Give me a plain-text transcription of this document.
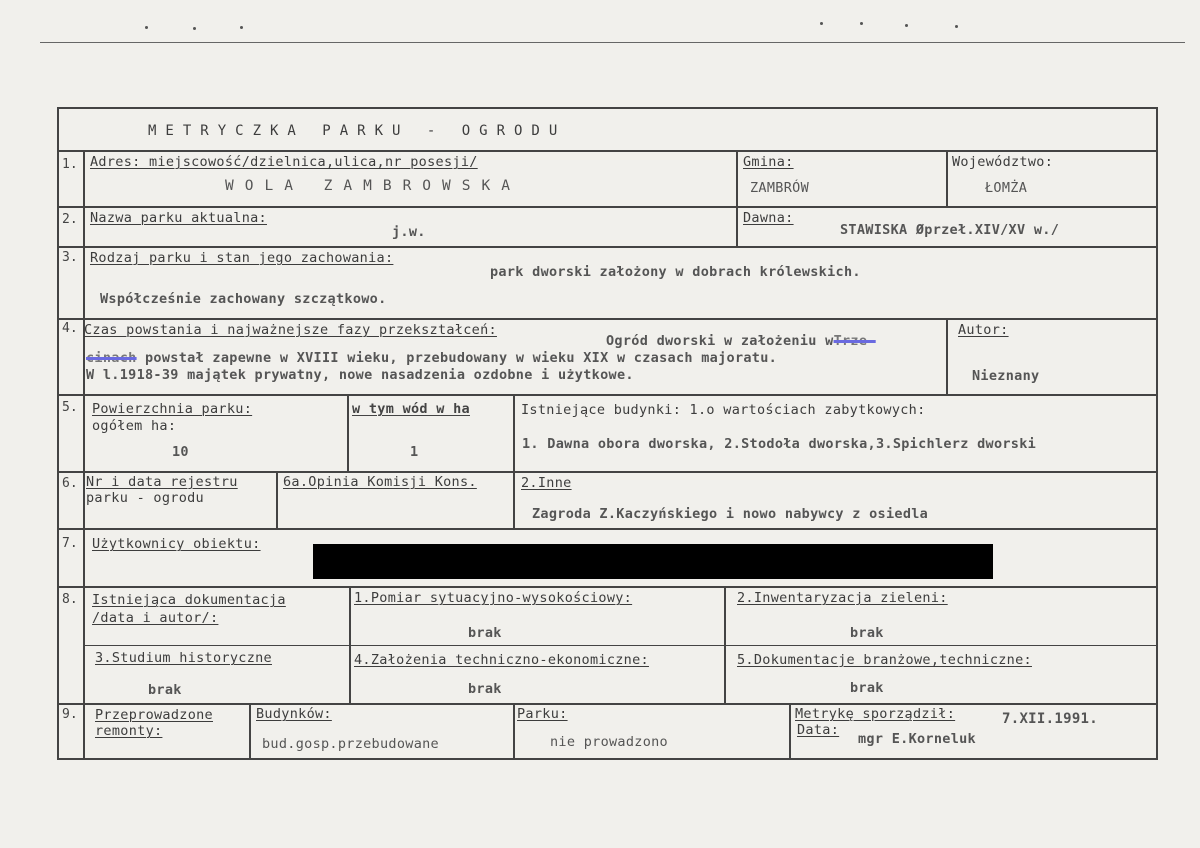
METRYCZKA PARKU - OGRODU
1. Adres: miejscowość/dzielnica,ulica,nr posesji/
WOLA ZAMBROWSKA
Gmina:
ZAMBRÓW
Województwo:
ŁOMŻA
2. Nazwa parku aktualna:
j.w.
Dawna:
STAWISKA Øprzeł.XIV/XV w./
3. Rodzaj parku i stan jego zachowania:
park dworski założony w dobrach królewskich.
Współcześnie zachowany szczątkowo.
4. Czas powstania i najważnejsze fazy przekształceń:
Ogród dworski w założeniu wTrze-
cinach powstał zapewne w XVIII wieku, przebudowany w wieku XIX w czasach majoratu.
W l.1918-39 majątek prywatny, nowe nasadzenia ozdobne i użytkowe.
Autor:
Nieznany
5. Powierzchnia parku:
ogółem ha:
10
w tym wód w ha
1
Istniejące budynki: 1.o wartościach zabytkowych:
1. Dawna obora dworska, 2.Stodoła dworska,3.Spichlerz dworski
6. Nr i data rejestru
parku - ogrodu
6a.Opinia Komisji Kons.	2.Inne
Zagroda Z.Kaczyńskiego i nowo nabywcy z osiedla
7. Użytkownicy obiektu:
8. Istniejąca dokumentacja
/data i autor/:
1.Pomiar sytuacyjno-wysokościowy:
brak
2.Inwentaryzacja zieleni:
brak
3.Studium historyczne
brak
4.Założenia techniczno-ekonomiczne:
brak
5.Dokumentacje branżowe,techniczne:
brak
9. Przeprowadzone
remonty:
Budynków:
bud.gosp.przebudowane
Parku:
nie prowadzono
Metrykę sporządził:	7.XII.1991.
Data:
mgr E.Korneluk
